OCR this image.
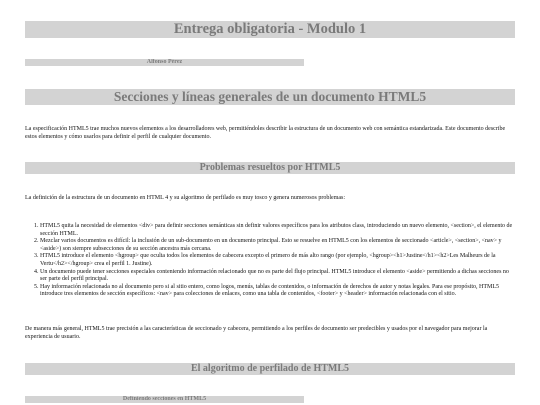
Entrega obligatoria - Modulo 1
Alfonso Pérez
Secciones y líneas generales de un documento HTML5

La especificación HTML5 trae muchos nuevos elementos a los desarrolladores web, permitiéndoles describir la estructura de un documento web con semántica estandarizada. Este documento describe estos elementos y cómo usarlos para definir el perfil de cualquier documento.

Problemas resueltos por HTML5

La definición de la estructura de un documento en HTML 4 y su algoritmo de perfilado es muy tosco y genera numerosos problemas:

1. HTML5 quita la necesidad de elementos <div> para definir secciones semánticas sin definir valores específicos para los atributos class, introduciendo un nuevo elemento, <section>, el elemento de sección HTML.
2. Mezclar varios documentos es difícil: la inclusión de un sub-documento en un documento principal. Esto se resuelve en HTML5 con los elementos de seccionado <article>, <section>, <nav> y <aside>) son siempre subsecciones de su sección ancestra más cercana.
3. HTML5 introduce el elemento <hgroup> que oculta todos los elementos de cabecera excepto el primero de más alto rango (por ejemplo, <hgroup><h1>Justine</h1><h2>Les Malheurs de la Vertu</h2></hgroup> crea el perfil 1. Justine).
4. Un documento puede tener secciones especiales conteniendo información relacionado que no es parte del flujo principal. HTML5 introduce el elemento <aside> permitiendo a dichas secciones no ser parte del perfil principal.
5. Hay información relacionada no al documento pero si al sitio entero, como logos, menús, tablas de contenidos, o información de derechos de autor y notas legales. Para ese propósito, HTML5 introduce tres elementos de sección específicos: <nav> para colecciones de enlaces, como una tabla de contenidos, <footer> y <header> información relacionada con el sitio.

De manera más general, HTML5 trae precisión a las características de seccionado y cabecera, permitiendo a los perfiles de documento ser predecibles y usados por el navegador para mejorar la experiencia de usuario.

El algoritmo de perfilado de HTML5
Definiendo secciones en HTML5
